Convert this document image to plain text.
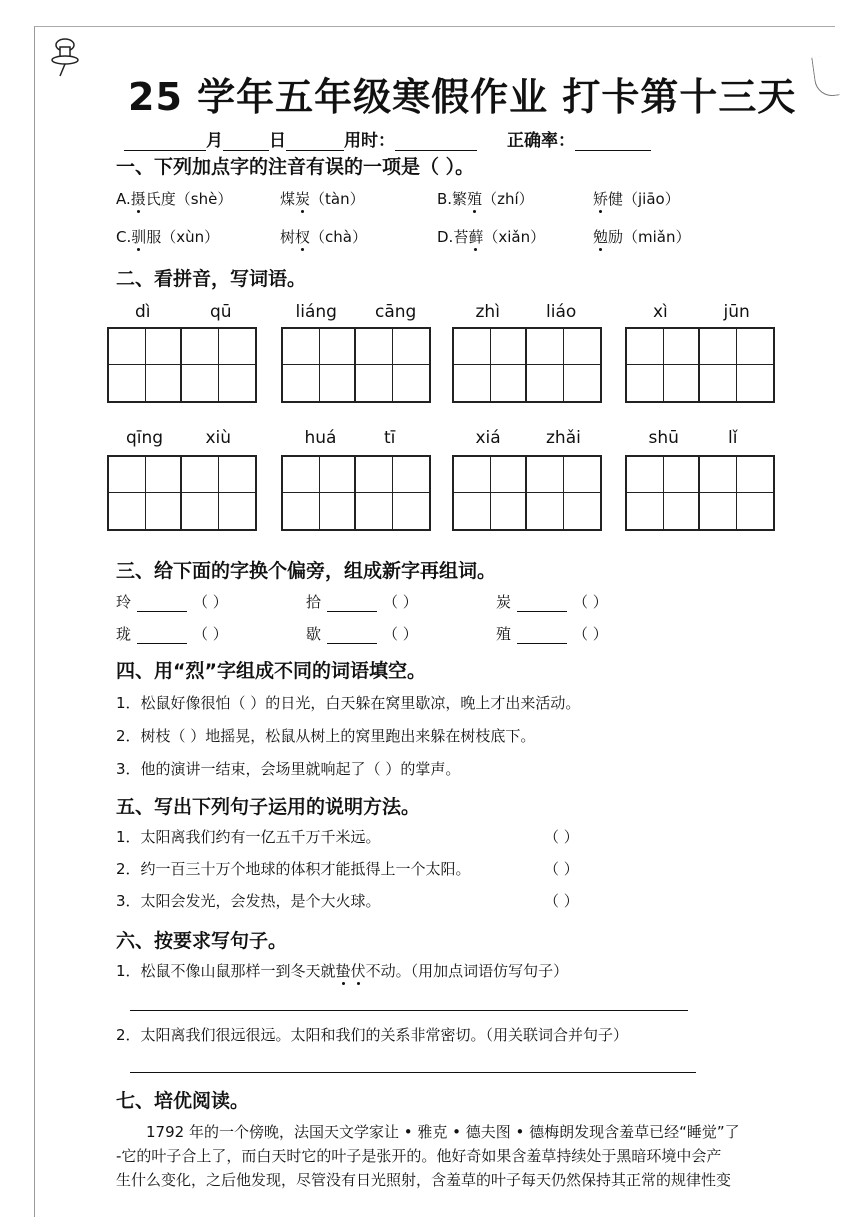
25 学年五年级寒假作业 打卡第十三天
月	日	用时：	正确率：
一、下列加点字的注音有误的一项是（ ）。
A.摄氏度（shè）	煤炭（tàn）	B.繁殖（zhí）	矫健（jiāo）
C.驯服（xùn）	树杈（chà）	D.苔藓（xiǎn）	勉励（miǎn）
二、看拼音，写词语。
dì	qū	liáng cāng	zhì	liáo	xì	jūn
qīng xiù	huá	tī	xiá	zhǎi	shū	lǐ
三、给下面的字换个偏旁，组成新字再组词。
玲	（ ）	拾	（ ）	炭	（ ）
珑	（ ）	歇	（ ）	殖	（ ）
四、用“烈”字组成不同的词语填空。
1．松鼠好像很怕（ ）的日光，白天躲在窝里歇凉，晚上才出来活动。
2．树枝（ ）地摇晃，松鼠从树上的窝里跑出来躲在树枝底下。
3．他的演讲一结束，会场里就响起了（ ）的掌声。
五、写出下列句子运用的说明方法。
1．太阳离我们约有一亿五千万千米远。	（ ）
2．约一百三十万个地球的体积才能抵得上一个太阳。	（ ）
3．太阳会发光，会发热，是个大火球。	（ ）
六、按要求写句子。
1．松鼠不像山鼠那样一到冬天就蛰伏不动。（用加点词语仿写句子）
2．太阳离我们很远很远。太阳和我们的关系非常密切。（用关联词合并句子）
七、培优阅读。
1792 年的一个傍晚，法国天文学家让 • 雅克 • 德夫图 • 德梅朗发现含羞草已经“睡觉”了
-它的叶子合上了，而白天时它的叶子是张开的。他好奇如果含羞草持续处于黑暗环境中会产
生什么变化，之后他发现，尽管没有日光照射，含羞草的叶子每天仍然保持其正常的规律性变
